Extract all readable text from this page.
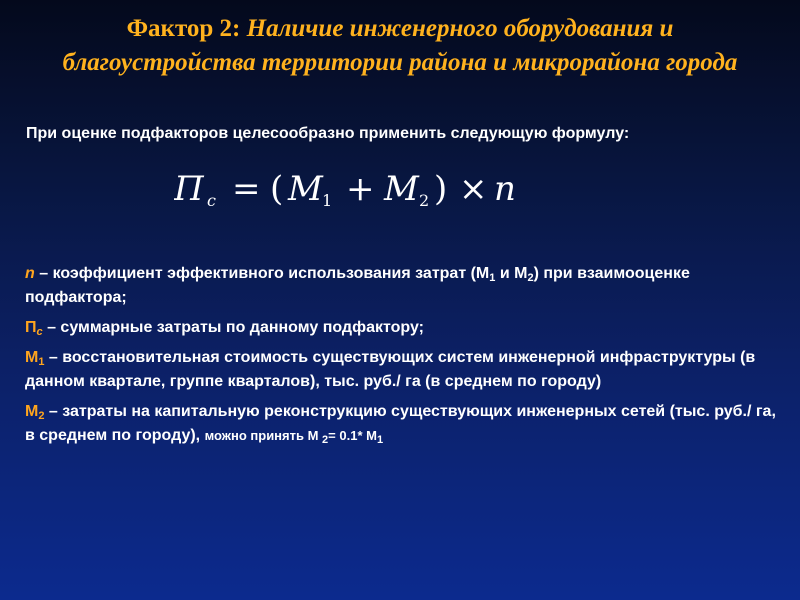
Фактор 2: Наличие инженерного оборудования и
благоустройства территории района и микрорайона города
При оценке подфакторов целесообразно применить следующую формулу:
П c = ( M 1 + M 2 ) × n
n – коэффициент эффективного использования затрат ($М_1$ и $М_2$) при взаимооценке подфактора;
$П_с$ – суммарные затраты по данному подфактору;
$М_1$ – восстановительная стоимость существующих систем инженерной инфраструктуры (в данном квартале, группе кварталов), тыс. руб./ га (в среднем по городу)
$М_2$ – затраты на капитальную реконструкцию существующих инженерных сетей (тыс. руб./ га, в среднем по городу), можно принять М $_2$= 0.1* $М_1$
